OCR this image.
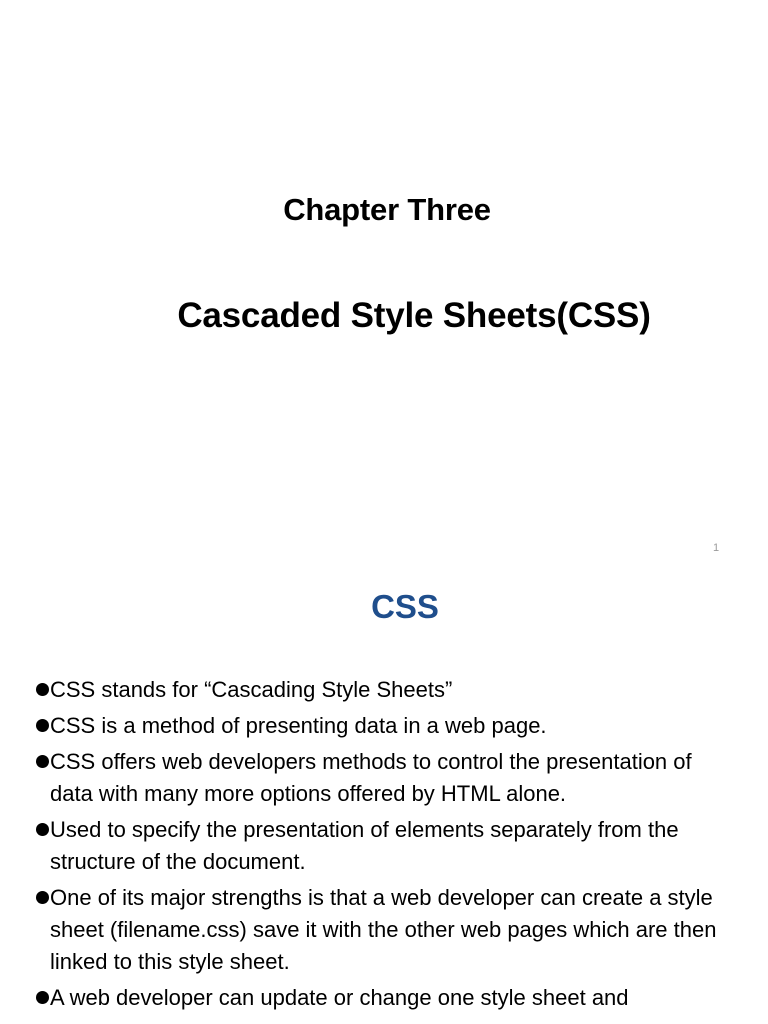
Chapter Three
Cascaded Style Sheets(CSS)
1
CSS
CSS stands for “Cascading Style Sheets”
CSS is a method of presenting data in a web page.
CSS offers web developers methods to control the presentation of data with many more options offered by HTML alone.
Used to specify the presentation of elements separately from the structure of the document.
One of its major strengths is that a web developer can create a style sheet (filename.css) save it with the other web pages which are then linked to this style sheet.
A web developer can update or change one style sheet and
